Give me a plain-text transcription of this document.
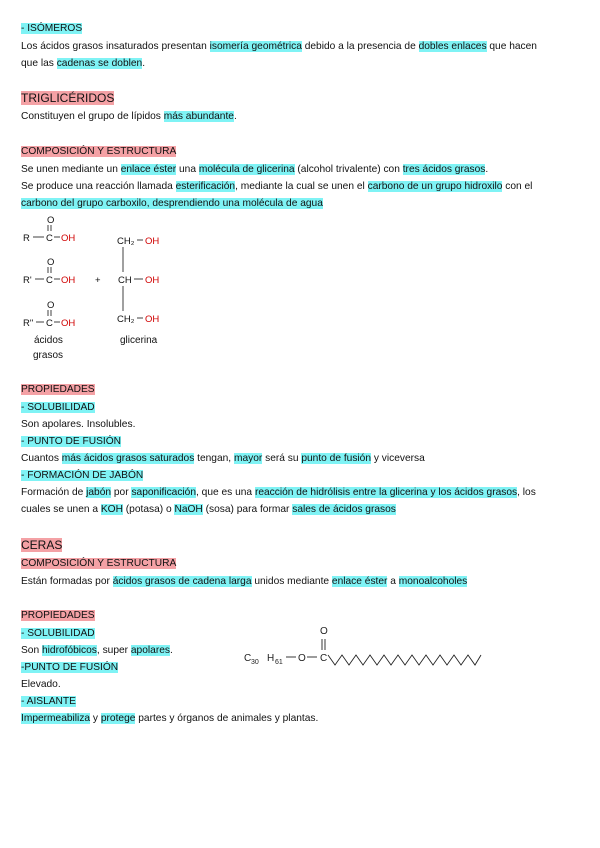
- ISÓMEROS
Los ácidos grasos insaturados presentan isomería geométrica debido a la presencia de dobles enlaces que hacen
que las cadenas se doblen.
TRIGLICÉRIDOS
Constituyen el grupo de lípidos más abundante.
COMPOSICIÓN Y ESTRUCTURA
Se unen mediante un enlace éster una molécula de glicerina (alcohol trivalente) con tres ácidos grasos.
Se produce una reacción llamada esterificación, mediante la cual se unen el carbono de un grupo hidroxilo con el
carbono del grupo carboxilo, desprendiendo una molécula de agua
O
R C OH
O
R' C OH
O
R" C OH
+
CH₂ OH
CH OH
CH₂ OH
ácidos
grasos
glicerina
PROPIEDADES
- SOLUBILIDAD
Son apolares. Insolubles.
- PUNTO DE FUSIÓN
Cuantos más ácidos grasos saturados tengan, mayor será su punto de fusión y viceversa
- FORMACIÓN DE JABÓN
Formación de jabón por saponificación, que es una reacción de hidrólisis entre la glicerina y los ácidos grasos, los
cuales se unen a KOH (potasa) o NaOH (sosa) para formar sales de ácidos grasos
CERAS
COMPOSICIÓN Y ESTRUCTURA
Están formadas por ácidos grasos de cadena larga unidos mediante enlace éster a monoalcoholes
PROPIEDADES
- SOLUBILIDAD
Son hidrofóbicos, super apolares.
-PUNTO DE FUSIÓN
Elevado.
- AISLANTE
Impermeabiliza y protege partes y órganos de animales y plantas.
C 30 H 61 O C
O
